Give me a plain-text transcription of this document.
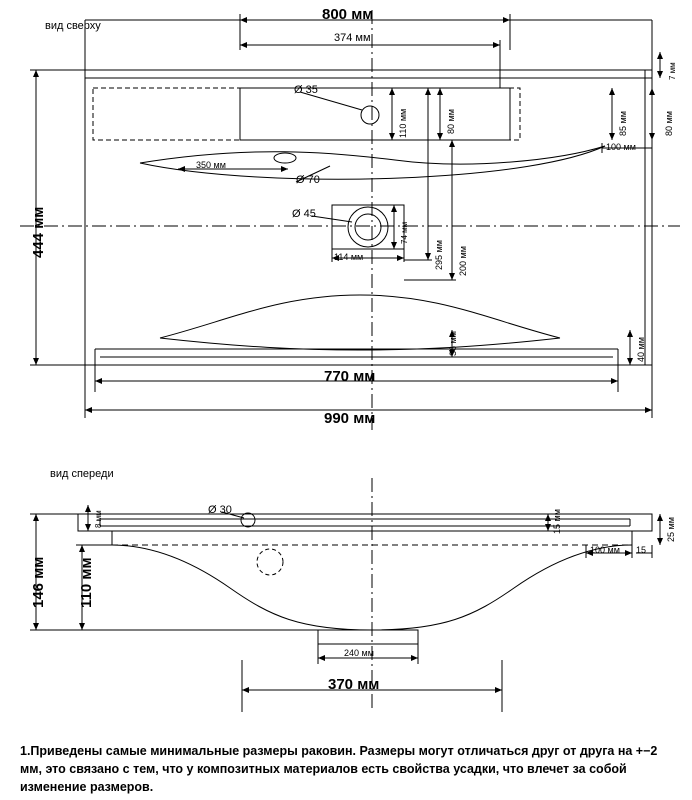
вид сверху
вид спереди
800 мм
374 мм
444 мм
Ø 35
Ø 70
Ø 45
350 мм
110 мм	80 мм	85 мм	80 мм
7 мм
100 мм
114 мм
74 мм
295 мм 200 мм
36 мм	40 мм
770 мм
990 мм
Ø 30
146 мм 110 мм
8 мм	15 мм	25 мм
100 мм 15
240 мм
370 мм
1.Приведены самые минимальные размеры раковин. Размеры могут отличаться друг от друга на +−2 мм, это связано с тем, что у композитных материалов есть свойства усадки, что влечет за собой изменение размеров.
